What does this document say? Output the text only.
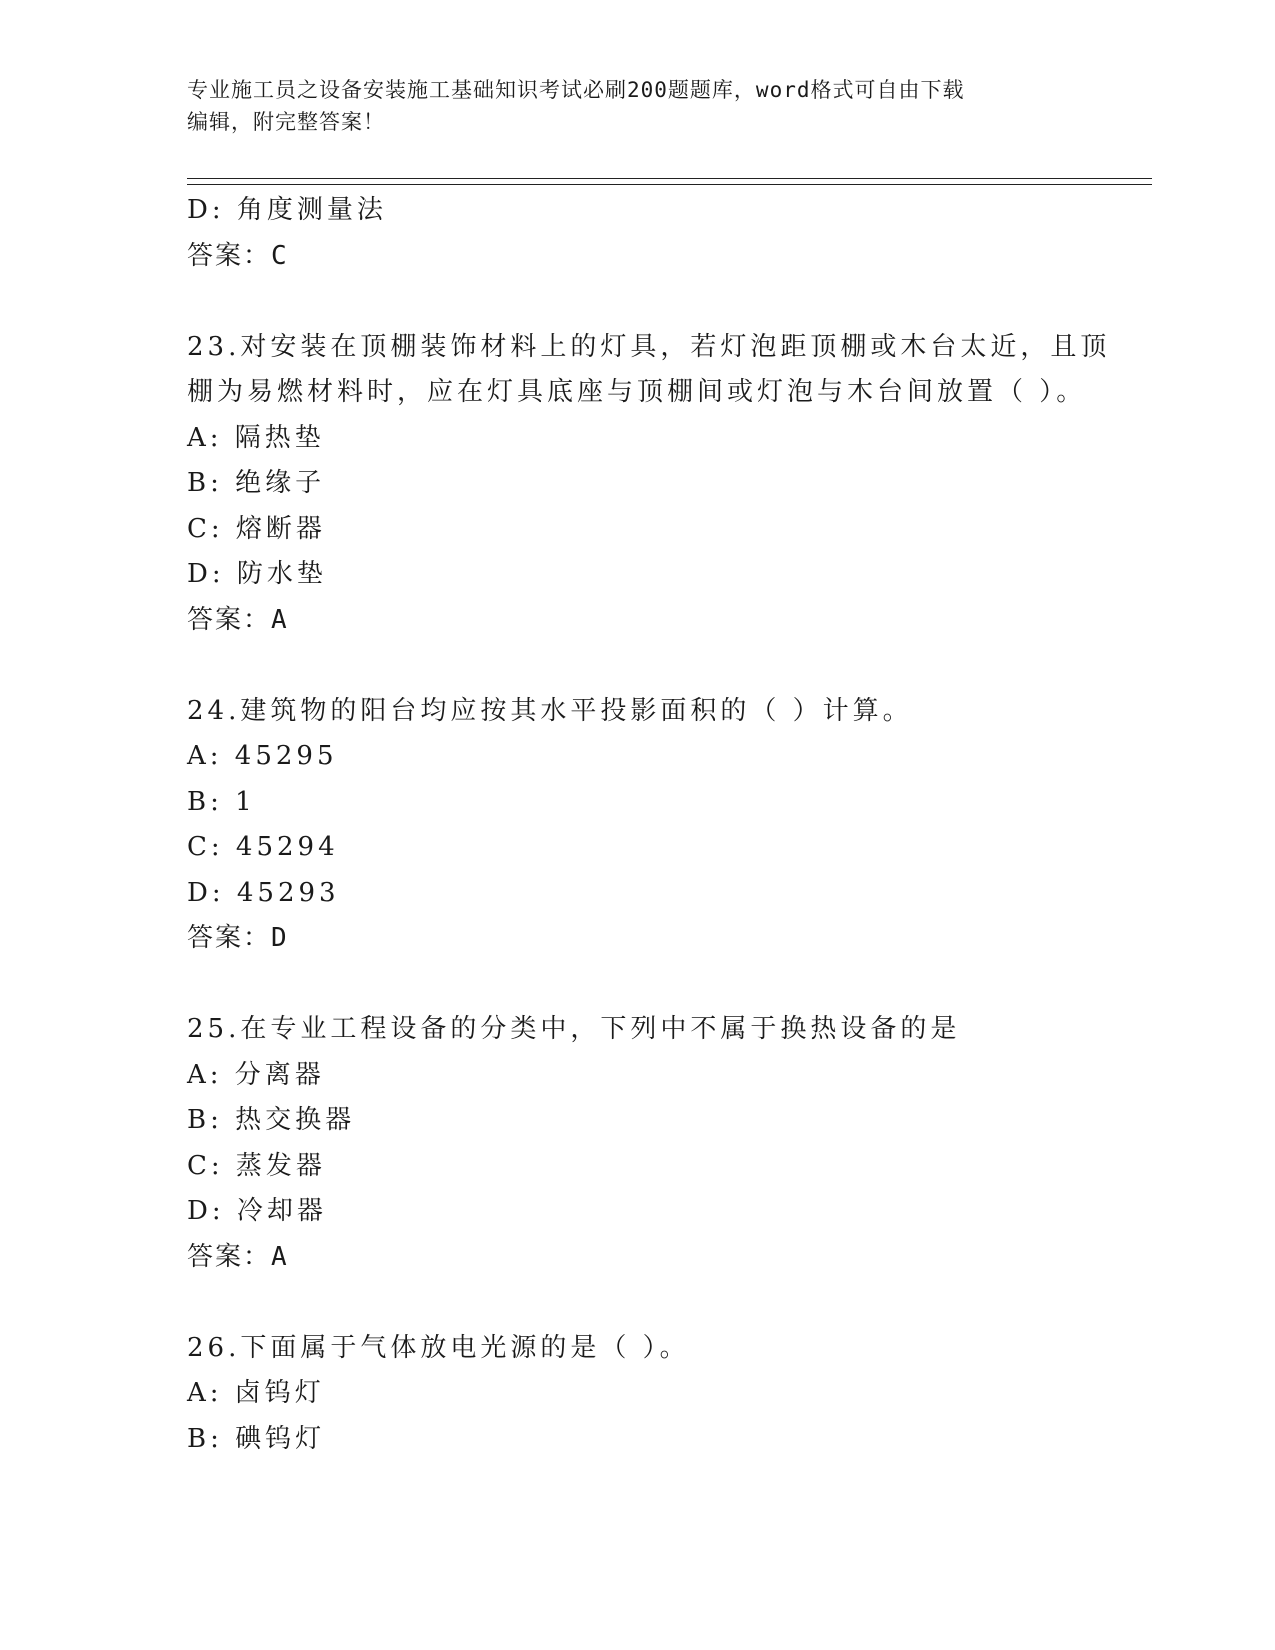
专业施工员之设备安装施工基础知识考试必刷200题题库，word格式可自由下载
编辑，附完整答案！
D: 角度测量法
答案：C
23.对安装在顶棚装饰材料上的灯具，若灯泡距顶棚或木台太近，且顶
棚为易燃材料时，应在灯具底座与顶棚间或灯泡与木台间放置（ ）。
A: 隔热垫
B: 绝缘子
C: 熔断器
D: 防水垫
答案：A
24.建筑物的阳台均应按其水平投影面积的（ ）计算。
A: 45295
B: 1
C: 45294
D: 45293
答案：D
25.在专业工程设备的分类中，下列中不属于换热设备的是
A: 分离器
B: 热交换器
C: 蒸发器
D: 冷却器
答案：A
26.下面属于气体放电光源的是（ ）。
A: 卤钨灯
B: 碘钨灯
